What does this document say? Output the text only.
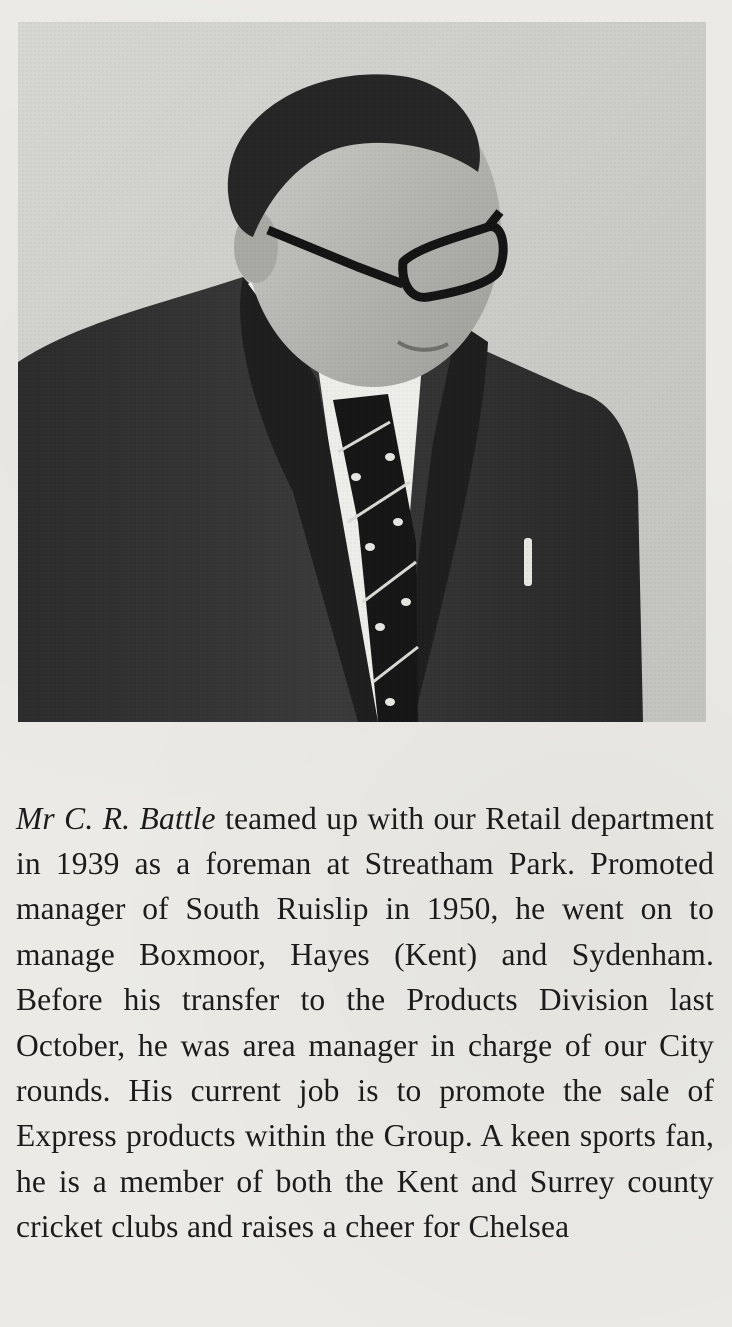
Mr C. R. Battle teamed up with our Retail department in 1939 as a foreman at Streatham Park. Promoted manager of South Ruislip in 1950, he went on to manage Boxmoor, Hayes (Kent) and Sydenham. Before his transfer to the Products Division last October, he was area manager in charge of our City rounds. His current job is to promote the sale of Express products within the Group. A keen sports fan, he is a member of both the Kent and Surrey county cricket clubs and raises a cheer for Chelsea
